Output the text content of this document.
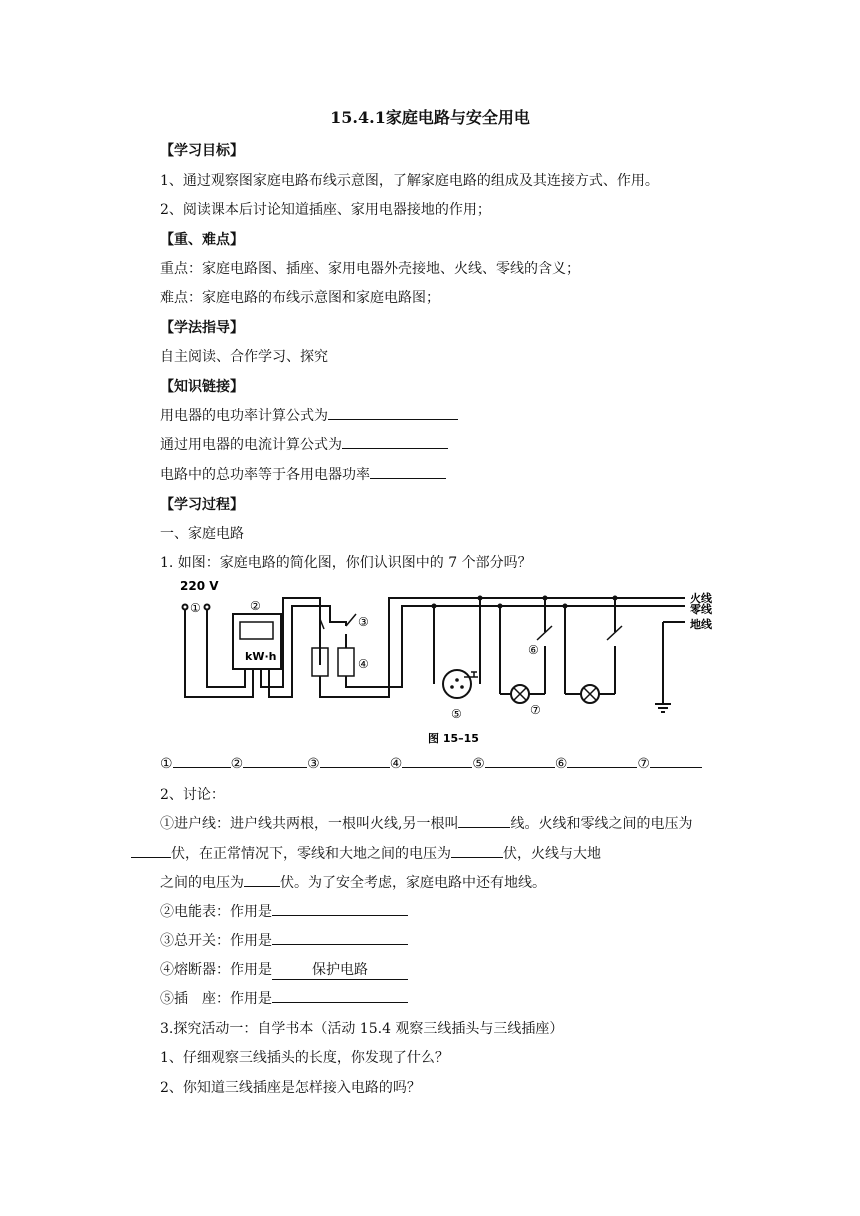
15.4.1家庭电路与安全用电
【学习目标】
1、通过观察图家庭电路布线示意图，了解家庭电路的组成及其连接方式、作用。
2、阅读课本后讨论知道插座、家用电器接地的作用；
【重、难点】
重点：家庭电路图、插座、家用电器外壳接地、火线、零线的含义；
难点：家庭电路的布线示意图和家庭电路图；
【学法指导】
自主阅读、合作学习、探究
【知识链接】
用电器的电功率计算公式为
通过用电器的电流计算公式为
电路中的总功率等于各用电器功率
【学习过程】
一、家庭电路
1. 如图：家庭电路的简化图，你们认识图中的 7 个部分吗？
220 V
kW·h
火线
零线
地线
①	②
③
④
⑤
⑥
⑦
图 15–15
①	②	③	④	⑤	⑥	⑦
2、讨论：
①进户线：进户线共两根，一根叫火线,另一根叫	线。火线和零线之间的电压为
伏，在正常情况下，零线和大地之间的电压为	伏，火线与大地
之间的电压为	伏。为了安全考虑，家庭电路中还有地线。
②电能表：作用是
③总开关：作用是
④熔断器：作用是	保护电路
⑤插　座：作用是
3.探究活动一：自学书本（活动 15.4 观察三线插头与三线插座）
1、仔细观察三线插头的长度，你发现了什么？
2、你知道三线插座是怎样接入电路的吗？
